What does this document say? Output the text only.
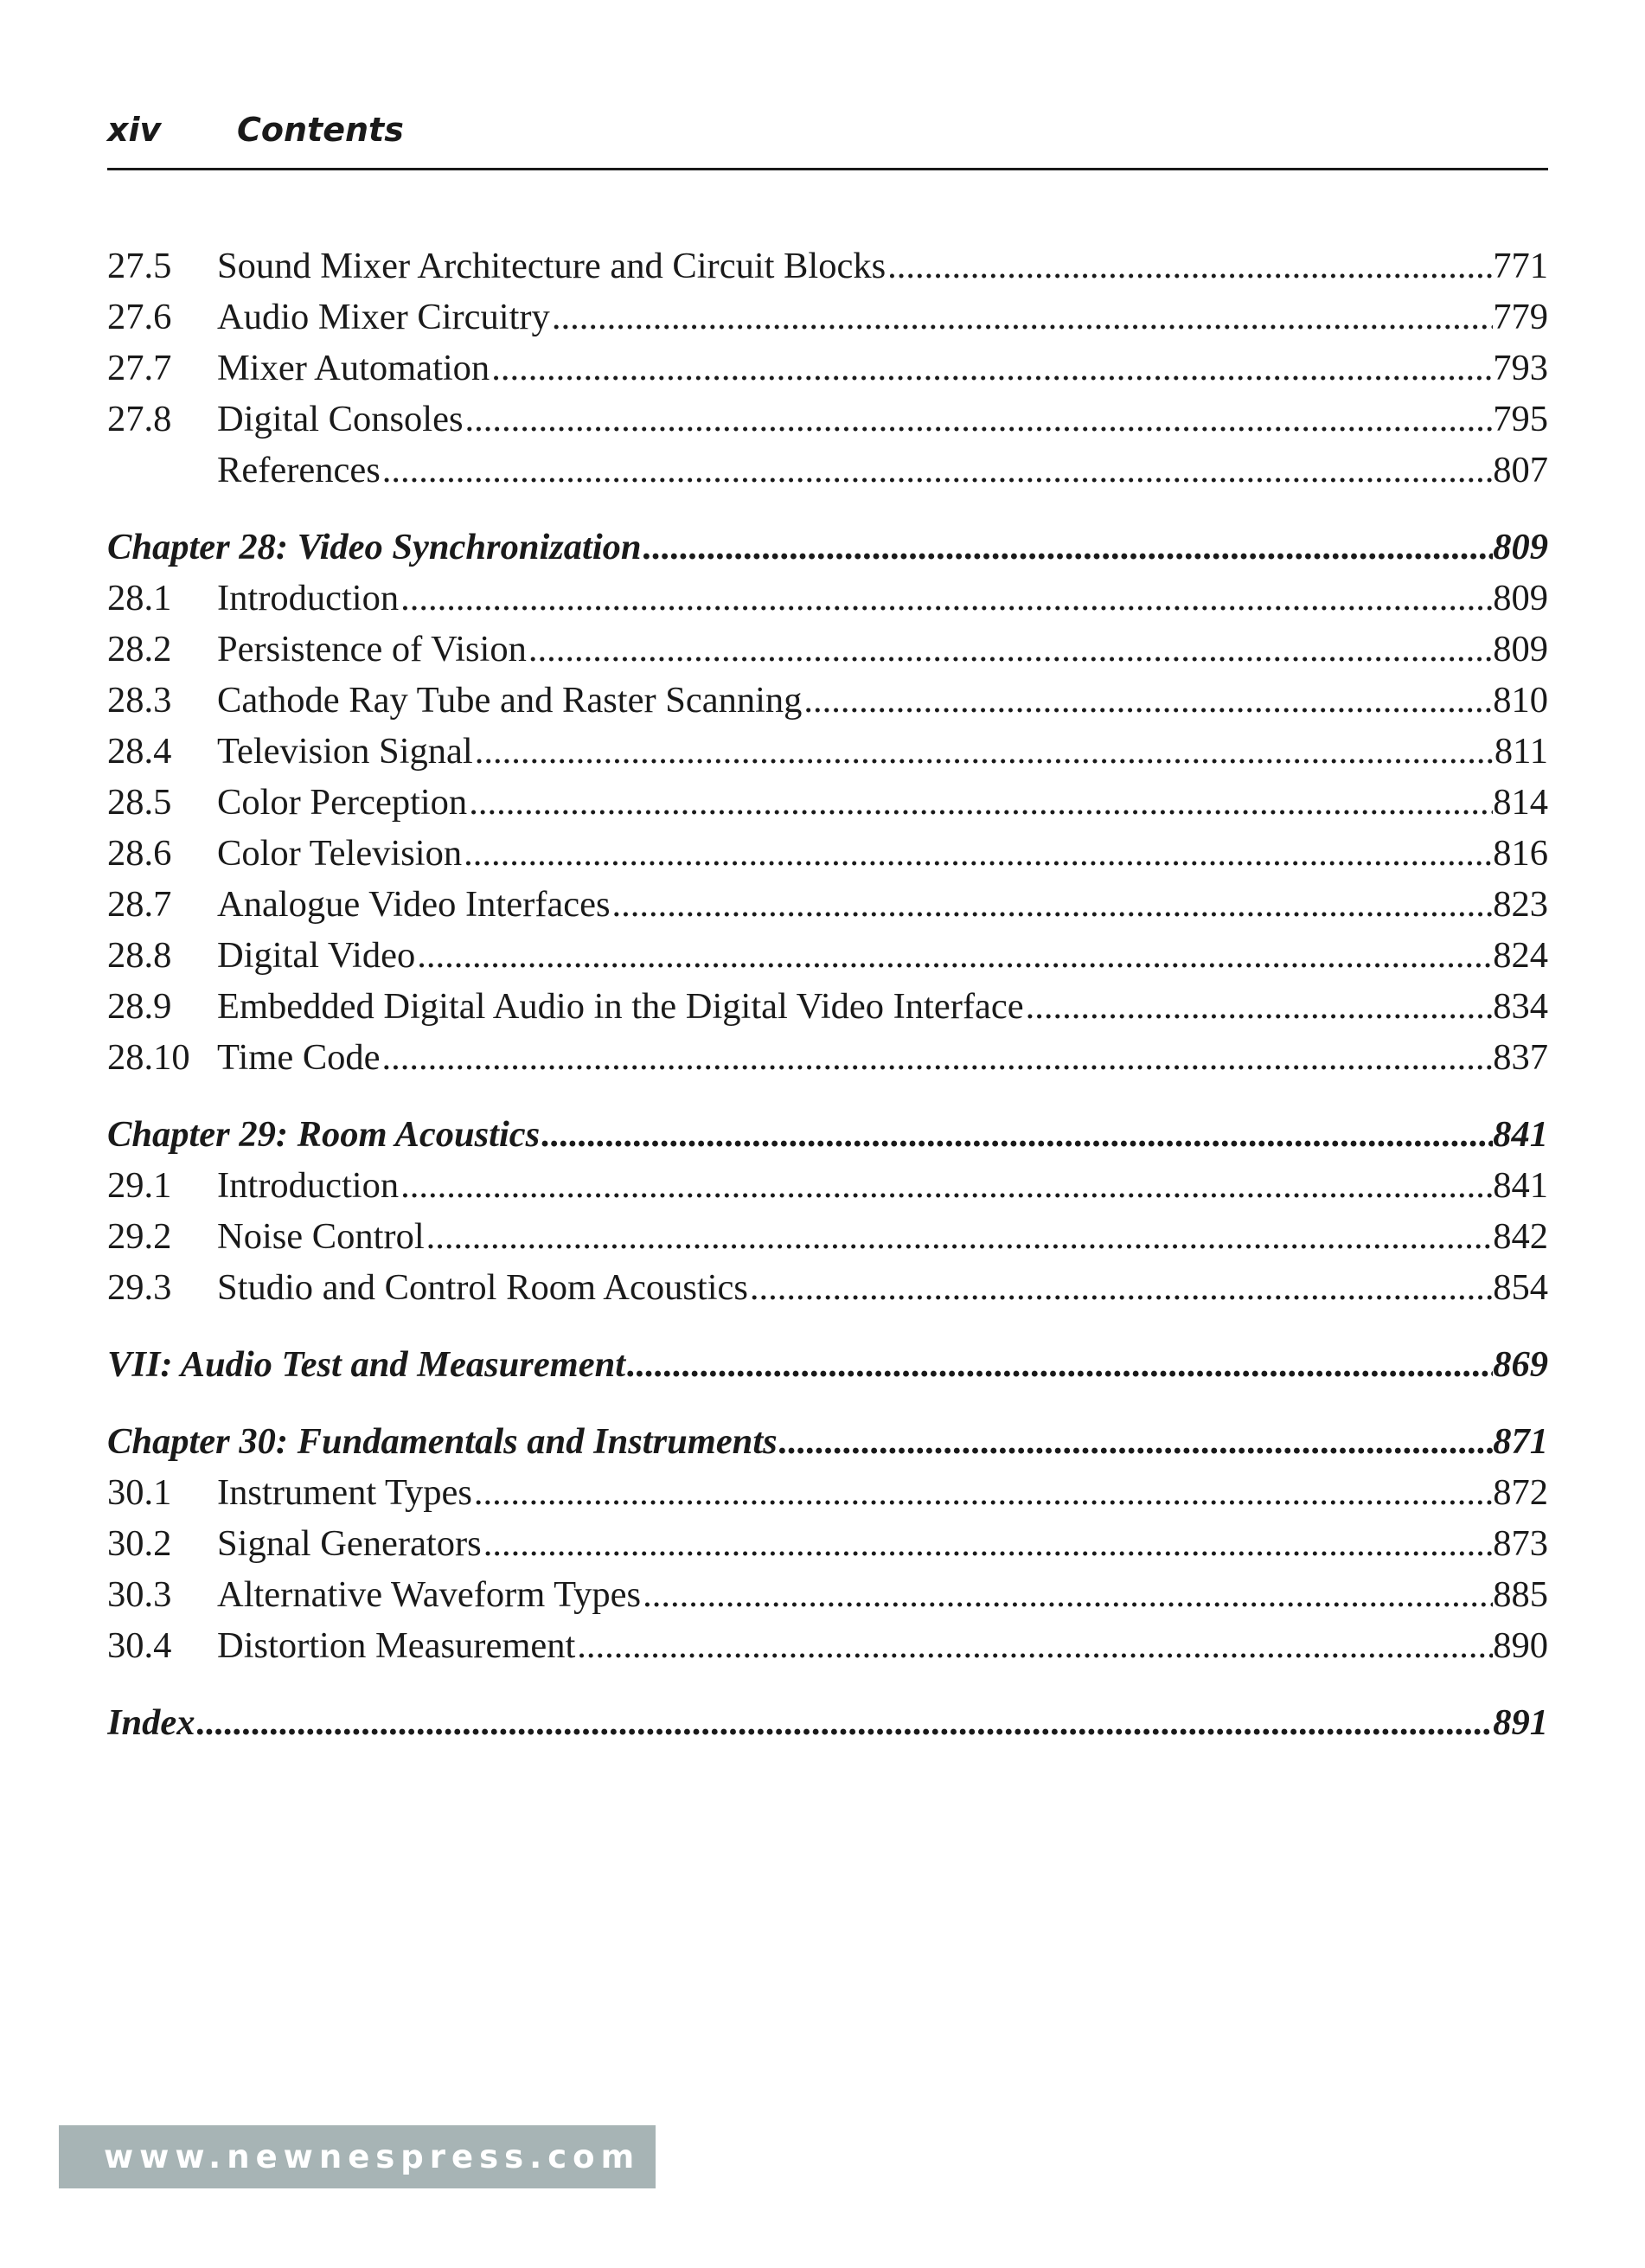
xiv Contents
27.5	Sound Mixer Architecture and Circuit Blocks .....	771
27.6	Audio Mixer Circuitry .....	779
27.7	Mixer Automation .....	793
27.8	Digital Consoles .....	795
References .....	807
Chapter 28: Video Synchronization .....	809
28.1	Introduction .....	809
28.2	Persistence of Vision .....	809
28.3	Cathode Ray Tube and Raster Scanning .....	810
28.4	Television Signal .....	811
28.5	Color Perception .....	814
28.6	Color Television .....	816
28.7	Analogue Video Interfaces .....	823
28.8	Digital Video .....	824
28.9	Embedded Digital Audio in the Digital Video Interface .....	834
28.10 Time Code .....	837
Chapter 29: Room Acoustics .....	841
29.1	Introduction .....	841
29.2	Noise Control .....	842
29.3	Studio and Control Room Acoustics .....	854
VII: Audio Test and Measurement .....	869
Chapter 30: Fundamentals and Instruments .....	871
30.1	Instrument Types .....	872
30.2	Signal Generators .....	873
30.3	Alternative Waveform Types .....	885
30.4	Distortion Measurement .....	890
Index .....	891
www.newnespress.com
